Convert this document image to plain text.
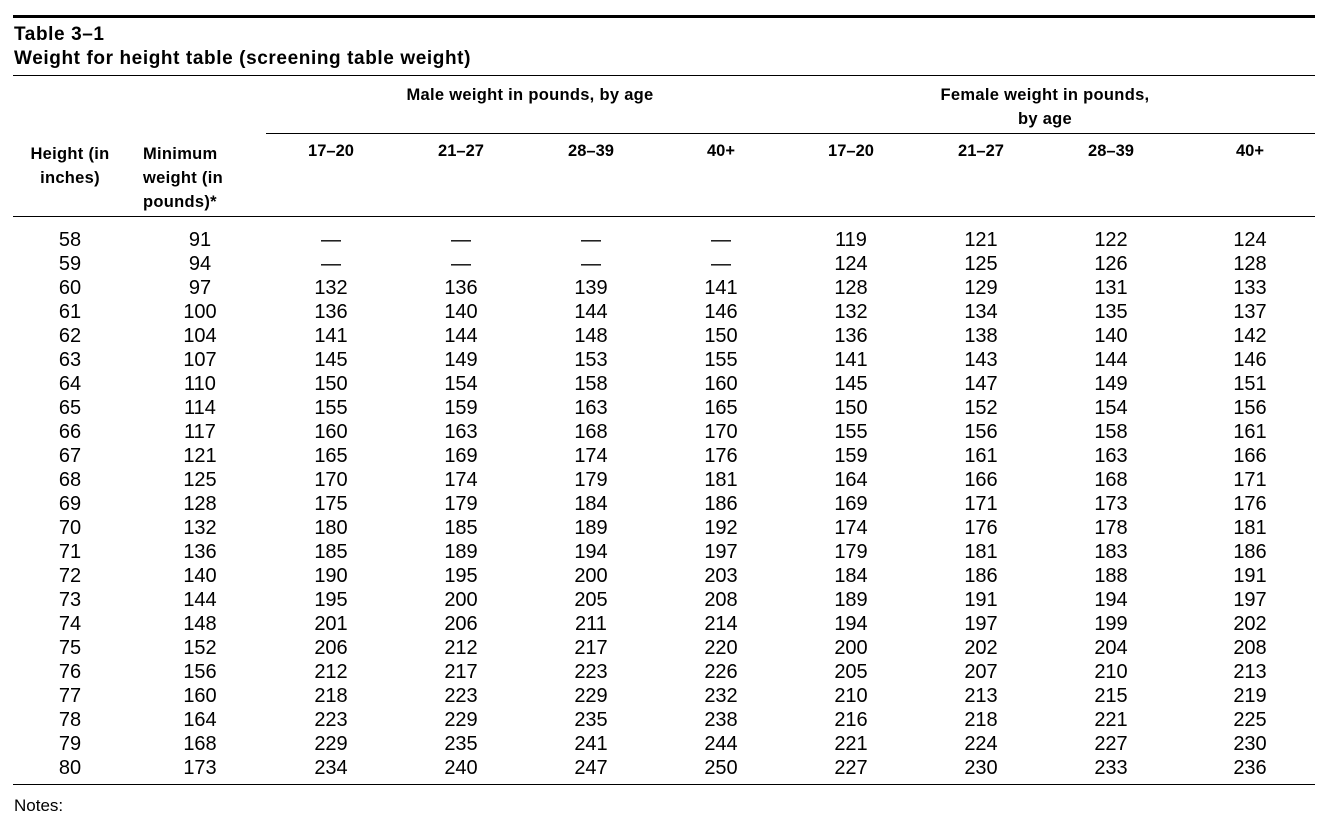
Table 3–1
Weight for height table (screening table weight)
Male weight in pounds, by age	Female weight in pounds,
by age
Height (in
inches)
Minimum
weight (in
pounds)*
17–20	21–27	28–39	40+	17–20	21–27	28–39	40+
58	91	—	—	—	—	119	121	122	124
59	94	—	—	—	—	124	125	126	128
60	97	132	136	139	141	128	129	131	133
61	100	136	140	144	146	132	134	135	137
62	104	141	144	148	150	136	138	140	142
63	107	145	149	153	155	141	143	144	146
64	110	150	154	158	160	145	147	149	151
65	114	155	159	163	165	150	152	154	156
66	117	160	163	168	170	155	156	158	161
67	121	165	169	174	176	159	161	163	166
68	125	170	174	179	181	164	166	168	171
69	128	175	179	184	186	169	171	173	176
70	132	180	185	189	192	174	176	178	181
71	136	185	189	194	197	179	181	183	186
72	140	190	195	200	203	184	186	188	191
73	144	195	200	205	208	189	191	194	197
74	148	201	206	211	214	194	197	199	202
75	152	206	212	217	220	200	202	204	208
76	156	212	217	223	226	205	207	210	213
77	160	218	223	229	232	210	213	215	219
78	164	223	229	235	238	216	218	221	225
79	168	229	235	241	244	221	224	227	230
80	173	234	240	247	250	227	230	233	236
Notes:
